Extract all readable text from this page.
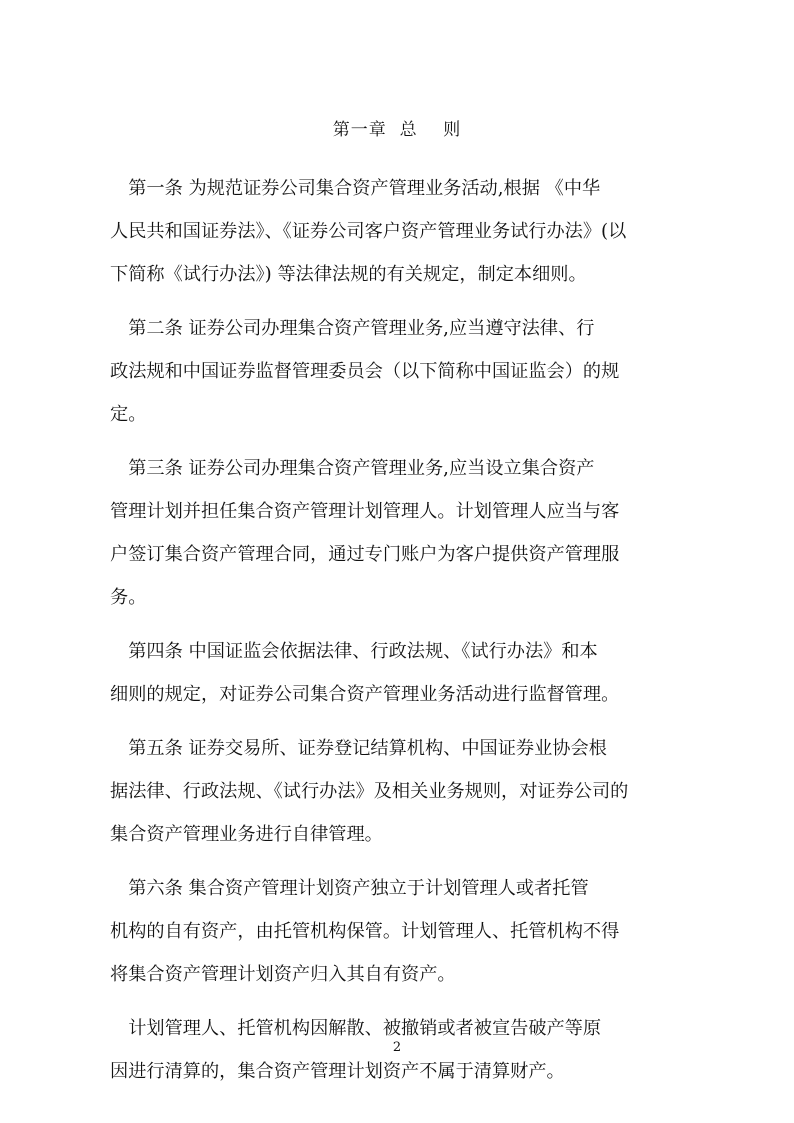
第一章  总    则
　第一条 为规范证券公司集合资产管理业务活动,根据 《中华
人民共和国证券法》、《证券公司客户资产管理业务试行办法》(以
下简称《试行办法》) 等法律法规的有关规定，制定本细则。
　第二条 证券公司办理集合资产管理业务,应当遵守法律、行
政法规和中国证券监督管理委员会（以下简称中国证监会）的规
定。
　第三条 证券公司办理集合资产管理业务,应当设立集合资产
管理计划并担任集合资产管理计划管理人。计划管理人应当与客
户签订集合资产管理合同，通过专门账户为客户提供资产管理服
务。
　第四条 中国证监会依据法律、行政法规、《试行办法》和本
细则的规定，对证券公司集合资产管理业务活动进行监督管理。
　第五条 证券交易所、证券登记结算机构、中国证券业协会根
据法律、行政法规、《试行办法》及相关业务规则，对证券公司的
集合资产管理业务进行自律管理。
　第六条 集合资产管理计划资产独立于计划管理人或者托管
机构的自有资产，由托管机构保管。计划管理人、托管机构不得
将集合资产管理计划资产归入其自有资产。
　计划管理人、托管机构因解散、被撤销或者被宣告破产等原
因进行清算的，集合资产管理计划资产不属于清算财产。
2
